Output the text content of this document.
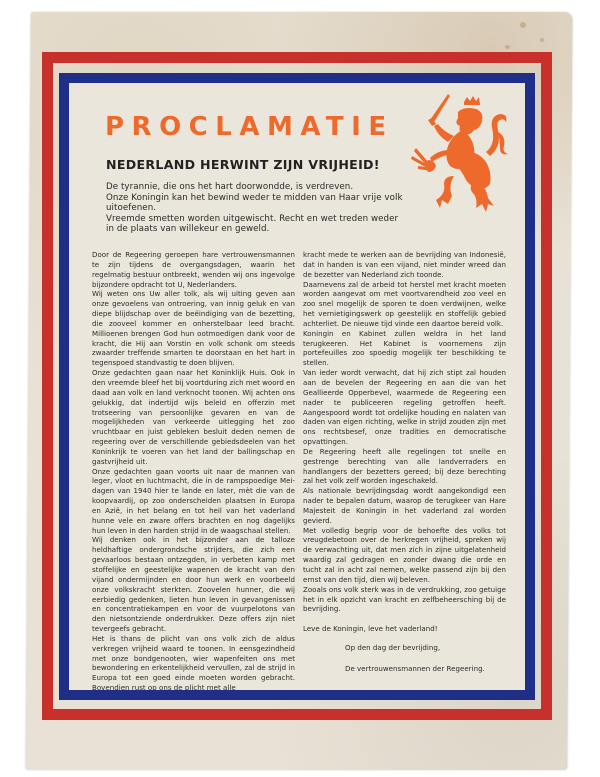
PROCLAMATIE
NEDERLAND HERWINT ZIJN VRIJHEID!

De tyrannie, die ons het hart doorwondde, is verdreven.

Onze Koningin kan het bewind weder te midden van Haar vrije volk uitoefenen.

Vreemde smetten worden uitgewischt. Recht en wet treden weder in de plaats van willekeur en geweld.

Door de Regeering geroepen hare vertrouwensmannen te zijn tijdens de overgangsdagen, waarin het regelmatig bestuur ontbreekt, wenden wij ons ingevolge bijzondere opdracht tot U, Nederlanders.

Wij weten ons Uw aller tolk, als wij uiting geven aan onze gevoelens van ontroering, van innig geluk en van diepe blijdschap over de beëindiging van de bezetting, die zooveel kommer en onherstelbaar leed bracht. Millioenen brengen God hun ootmoedigen dank voor de kracht, die Hij aan Vorstin en volk schonk om steeds zwaarder treffende smarten te doorstaan en het hart in tegenspoed standvastig te doen blijven.

Onze gedachten gaan naar het Koninklijk Huis. Ook in den vreemde bleef het bij voortduring zich met woord en daad aan volk en land verknocht toonen. Wij achten ons gelukkig, dat indertijd wijs beleid en offerzin met trotseering van persoonlijke gevaren en van de mogelijkheden van verkeerde uitlegging het zoo vruchtbaar en juist gebleken besluit deden nemen de regeering over de verschillende gebiedsdeelen van het Koninkrijk te voeren van het land der ballingschap en gastvrijheid uit.

Onze gedachten gaan voorts uit naar de mannen van leger, vloot en luchtmacht, die in de rampspoedige Mei-dagen van 1940 hier te lande en later, mèt die van de koopvaardij, op zoo onderscheiden plaatsen in Europa en Azië, in het belang en tot heil van het vaderland hunne vele en zware offers brachten en nog dagelijks hun leven in den harden strijd in de waagschaal stellen.

Wij denken ook in het bijzonder aan de talloze heldhaftige ondergrondsche strijders, die zich een gevaarloos bestaan ontzegden, in verbeten kamp met stoffelijke en geestelijke wapenen de kracht van den vijand ondermijnden en door hun werk en voorbeeld onze volkskracht sterkten. Zoovelen hunner, die wij eerbiedig gedenken, lieten hun leven in gevangenissen en concentratiekampen en voor de vuurpelotons van den nietsontziende onderdrukker. Deze offers zijn niet tevergeefs gebracht.

Het is thans de plicht van ons volk zich de aldus verkregen vrijheid waard te toonen. In eensgezindheid met onze bondgenooten, wier wapenfeiten ons met bewondering en erkentelijkheid vervullen, zal de strijd in Europa tot een goed einde moeten worden gebracht. Bovendien rust op ons de plicht met alle

kracht mede te werken aan de bevrijding van Indonesië, dat in handen is van een vijand, niet minder wreed dan de bezetter van Nederland zich toonde.

Daarnevens zal de arbeid tot herstel met kracht moeten worden aangevat om met voortvarendheid zoo veel en zoo snel mogelijk de sporen te doen verdwijnen, welke het vernietigingswerk op geestelijk en stoffelijk gebied achterliet. De nieuwe tijd vinde een daartoe bereid volk.

Koningin en Kabinet zullen weldra in het land terugkeeren. Het Kabinet is voornemens zijn portefeuilles zoo spoedig mogelijk ter beschikking te stellen.

Van ieder wordt verwacht, dat hij zich stipt zal houden aan de bevelen der Regeering en aan die van het Geallieerde Opperbevel, waarmede de Regeering een nader te publiceeren regeling getroffen heeft. Aangespoord wordt tot ordelijke houding en nalaten van daden van eigen richting, welke in strijd zouden zijn met ons rechtsbesef, onze tradities en democratische opvattingen.

De Regeering heeft alle regelingen tot snelle en gestrenge berechting van alle landverraders en handlangers der bezetters gereed; bij deze berechting zal het volk zelf worden ingeschakeld.

Als nationale bevrijdingsdag wordt aangekondigd een nader te bepalen datum, waarop de terugkeer van Hare Majesteit de Koningin in het vaderland zal worden gevierd.

Met volledig begrip voor de behoefte des volks tot vreugdebetoon over de herkregen vrijheid, spreken wij de verwachting uit, dat men zich in zijne uitgelatenheid waardig zal gedragen en zonder dwang die orde en tucht zal in acht zal nemen, welke passend zijn bij den ernst van den tijd, dien wij beleven.

Zooals ons volk sterk was in de verdrukking, zoo getuige het in elk opzicht van kracht en zelfbeheersching bij de bevrijding.

Leve de Koningin, leve het vaderland!

Op den dag der bevrijding,

De vertrouwensmannen der Regeering.
